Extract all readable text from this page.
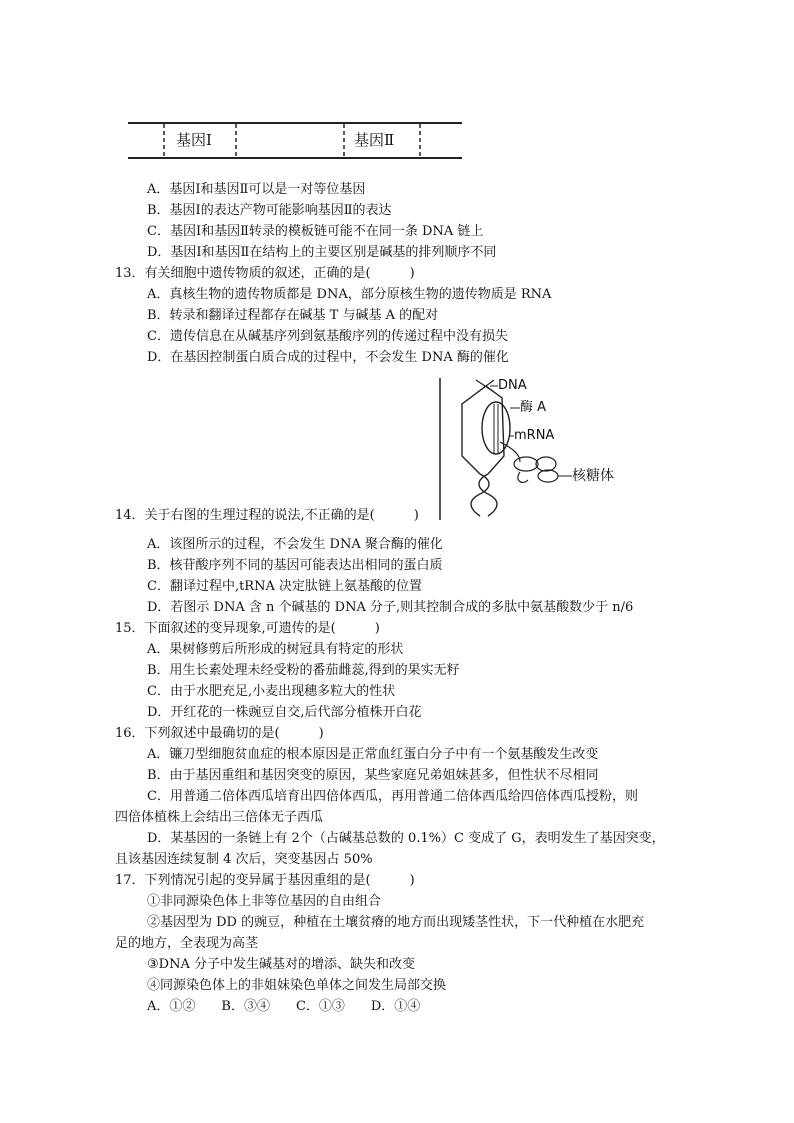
基因Ⅰ	基因Ⅱ
A．基因Ⅰ和基因Ⅱ可以是一对等位基因
B．基因Ⅰ的表达产物可能影响基因Ⅱ的表达
C．基因Ⅰ和基因Ⅱ转录的模板链可能不在同一条 DNA 链上
D．基因Ⅰ和基因Ⅱ在结构上的主要区别是碱基的排列顺序不同
13．有关细胞中遗传物质的叙述，正确的是(　　　)
A．真核生物的遗传物质都是 DNA，部分原核生物的遗传物质是 RNA
B．转录和翻译过程都存在碱基 T 与碱基 A 的配对
C．遗传信息在从碱基序列到氨基酸序列的传递过程中没有损失
D．在基因控制蛋白质合成的过程中，不会发生 DNA 酶的催化
DNA
酶 A
mRNA
核糖体
14．关于右图的生理过程的说法,不正确的是(　　　)
A．该图所示的过程，不会发生 DNA 聚合酶的催化
B．核苷酸序列不同的基因可能表达出相同的蛋白质
C．翻译过程中,tRNA 决定肽链上氨基酸的位置
D．若图示 DNA 含 n 个碱基的 DNA 分子,则其控制合成的多肽中氨基酸数少于 n/6
15．下面叙述的变异现象,可遗传的是(　　　)
A．果树修剪后所形成的树冠具有特定的形状
B．用生长素处理未经受粉的番茄雌蕊,得到的果实无籽
C．由于水肥充足,小麦出现穗多粒大的性状
D．开红花的一株豌豆自交,后代部分植株开白花
16．下列叙述中最确切的是(　　　)
A．镰刀型细胞贫血症的根本原因是正常血红蛋白分子中有一个氨基酸发生改变
B．由于基因重组和基因突变的原因，某些家庭兄弟姐妹甚多，但性状不尽相同
C．用普通二倍体西瓜培育出四倍体西瓜，再用普通二倍体西瓜给四倍体西瓜授粉，则
四倍体植株上会结出三倍体无子西瓜
D．某基因的一条链上有 2个（占碱基总数的 0.1%）C 变成了 G，表明发生了基因突变，
且该基因连续复制 4 次后，突变基因占 50%
17．下列情况引起的变异属于基因重组的是(　　　)
①非同源染色体上非等位基因的自由组合
②基因型为 DD 的豌豆，种植在土壤贫瘠的地方而出现矮茎性状，下一代种植在水肥充
足的地方，全表现为高茎
③DNA 分子中发生碱基对的增添、缺失和改变
④同源染色体上的非姐妹染色单体之间发生局部交换
A．①②　　B．③④　　C．①③　　D．①④
